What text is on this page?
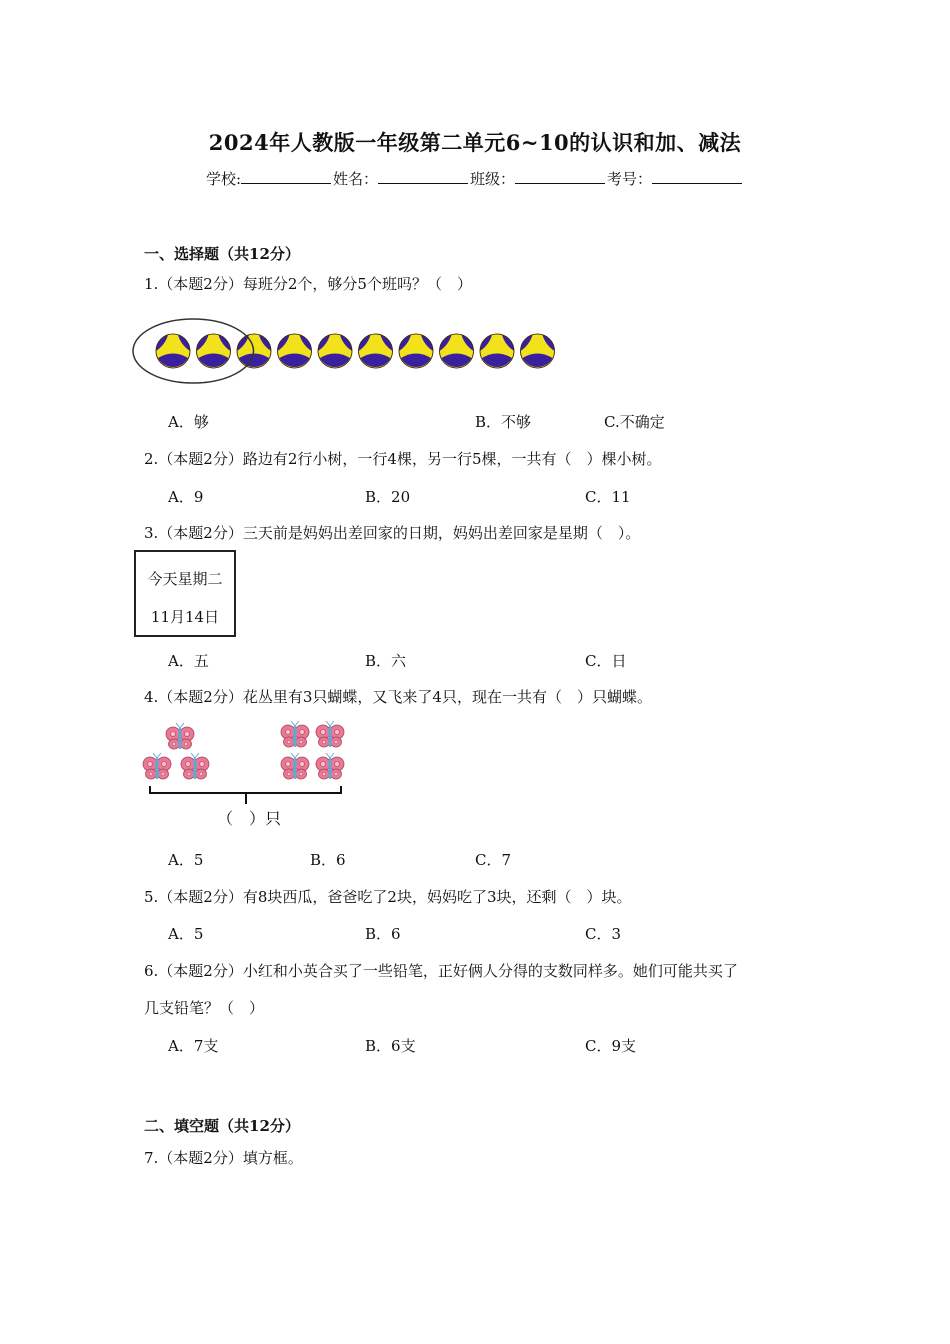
2024年人教版一年级第二单元6~10的认识和加、减法
学校:	姓名：	班级：	考号：
一、选择题（共12分）
1.（本题2分）每班分2个，够分5个班吗？（　）
A．够	B．不够	C.不确定
2.（本题2分）路边有2行小树，一行4棵，另一行5棵，一共有（　）棵小树。
A．9	B．20	C．11
3.（本题2分）三天前是妈妈出差回家的日期，妈妈出差回家是星期（　）。
今天星期二
11月14日
A．五	B．六	C．日
4.（本题2分）花丛里有3只蝴蝶，又飞来了4只，现在一共有（　）只蝴蝶。
（　）只
A．5	B．6	C．7
5.（本题2分）有8块西瓜，爸爸吃了2块，妈妈吃了3块，还剩（　）块。
A．5	B．6	C．3
6.（本题2分）小红和小英合买了一些铅笔，正好俩人分得的支数同样多。她们可能共买了
几支铅笔？（　）
A．7支	B．6支	C．9支
二、填空题（共12分）
7.（本题2分）填方框。
